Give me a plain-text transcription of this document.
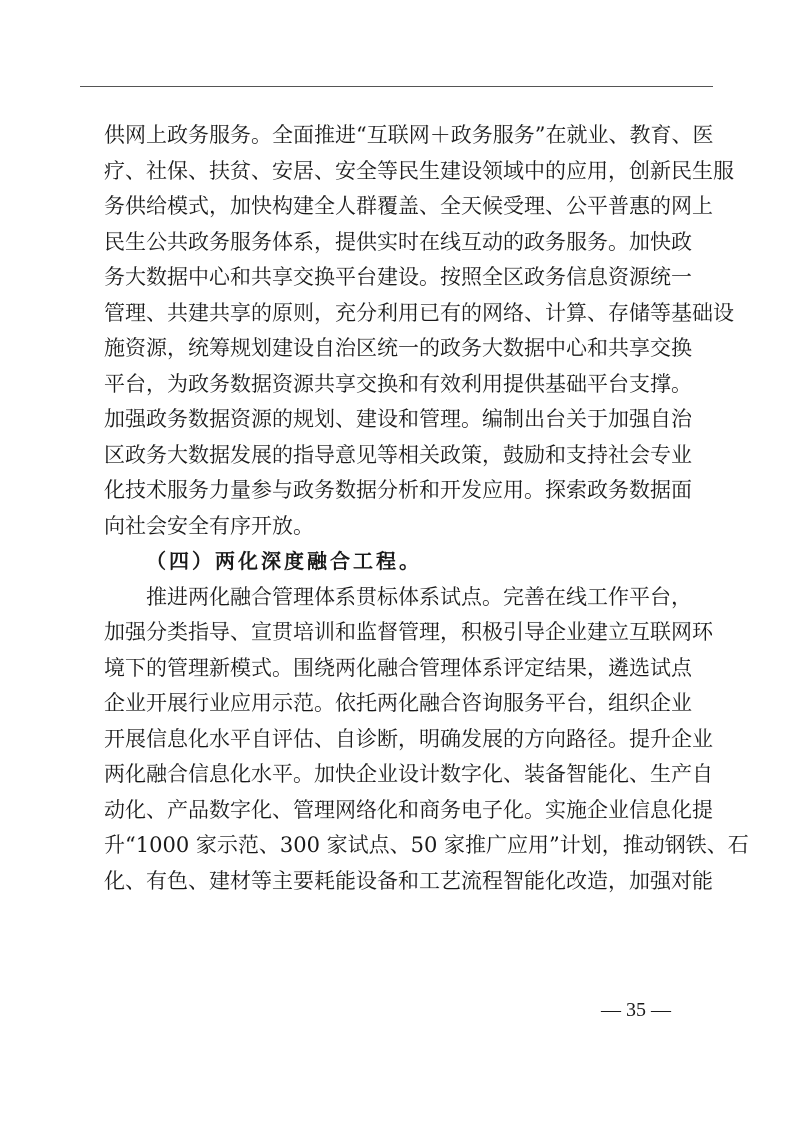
供网上政务服务。全面推进“互联网＋政务服务”在就业、教育、医
疗、社保、扶贫、安居、安全等民生建设领域中的应用，创新民生服
务供给模式，加快构建全人群覆盖、全天候受理、公平普惠的网上
民生公共政务服务体系，提供实时在线互动的政务服务。加快政
务大数据中心和共享交换平台建设。按照全区政务信息资源统一
管理、共建共享的原则，充分利用已有的网络、计算、存储等基础设
施资源，统筹规划建设自治区统一的政务大数据中心和共享交换
平台，为政务数据资源共享交换和有效利用提供基础平台支撑。
加强政务数据资源的规划、建设和管理。编制出台关于加强自治
区政务大数据发展的指导意见等相关政策，鼓励和支持社会专业
化技术服务力量参与政务数据分析和开发应用。探索政务数据面
向社会安全有序开放。
（四）两化深度融合工程。
推进两化融合管理体系贯标体系试点。完善在线工作平台，
加强分类指导、宣贯培训和监督管理，积极引导企业建立互联网环
境下的管理新模式。围绕两化融合管理体系评定结果，遴选试点
企业开展行业应用示范。依托两化融合咨询服务平台，组织企业
开展信息化水平自评估、自诊断，明确发展的方向路径。提升企业
两化融合信息化水平。加快企业设计数字化、装备智能化、生产自
动化、产品数字化、管理网络化和商务电子化。实施企业信息化提
升“1000 家示范、300 家试点、50 家推广应用”计划，推动钢铁、石
化、有色、建材等主要耗能设备和工艺流程智能化改造，加强对能
— 35 —
